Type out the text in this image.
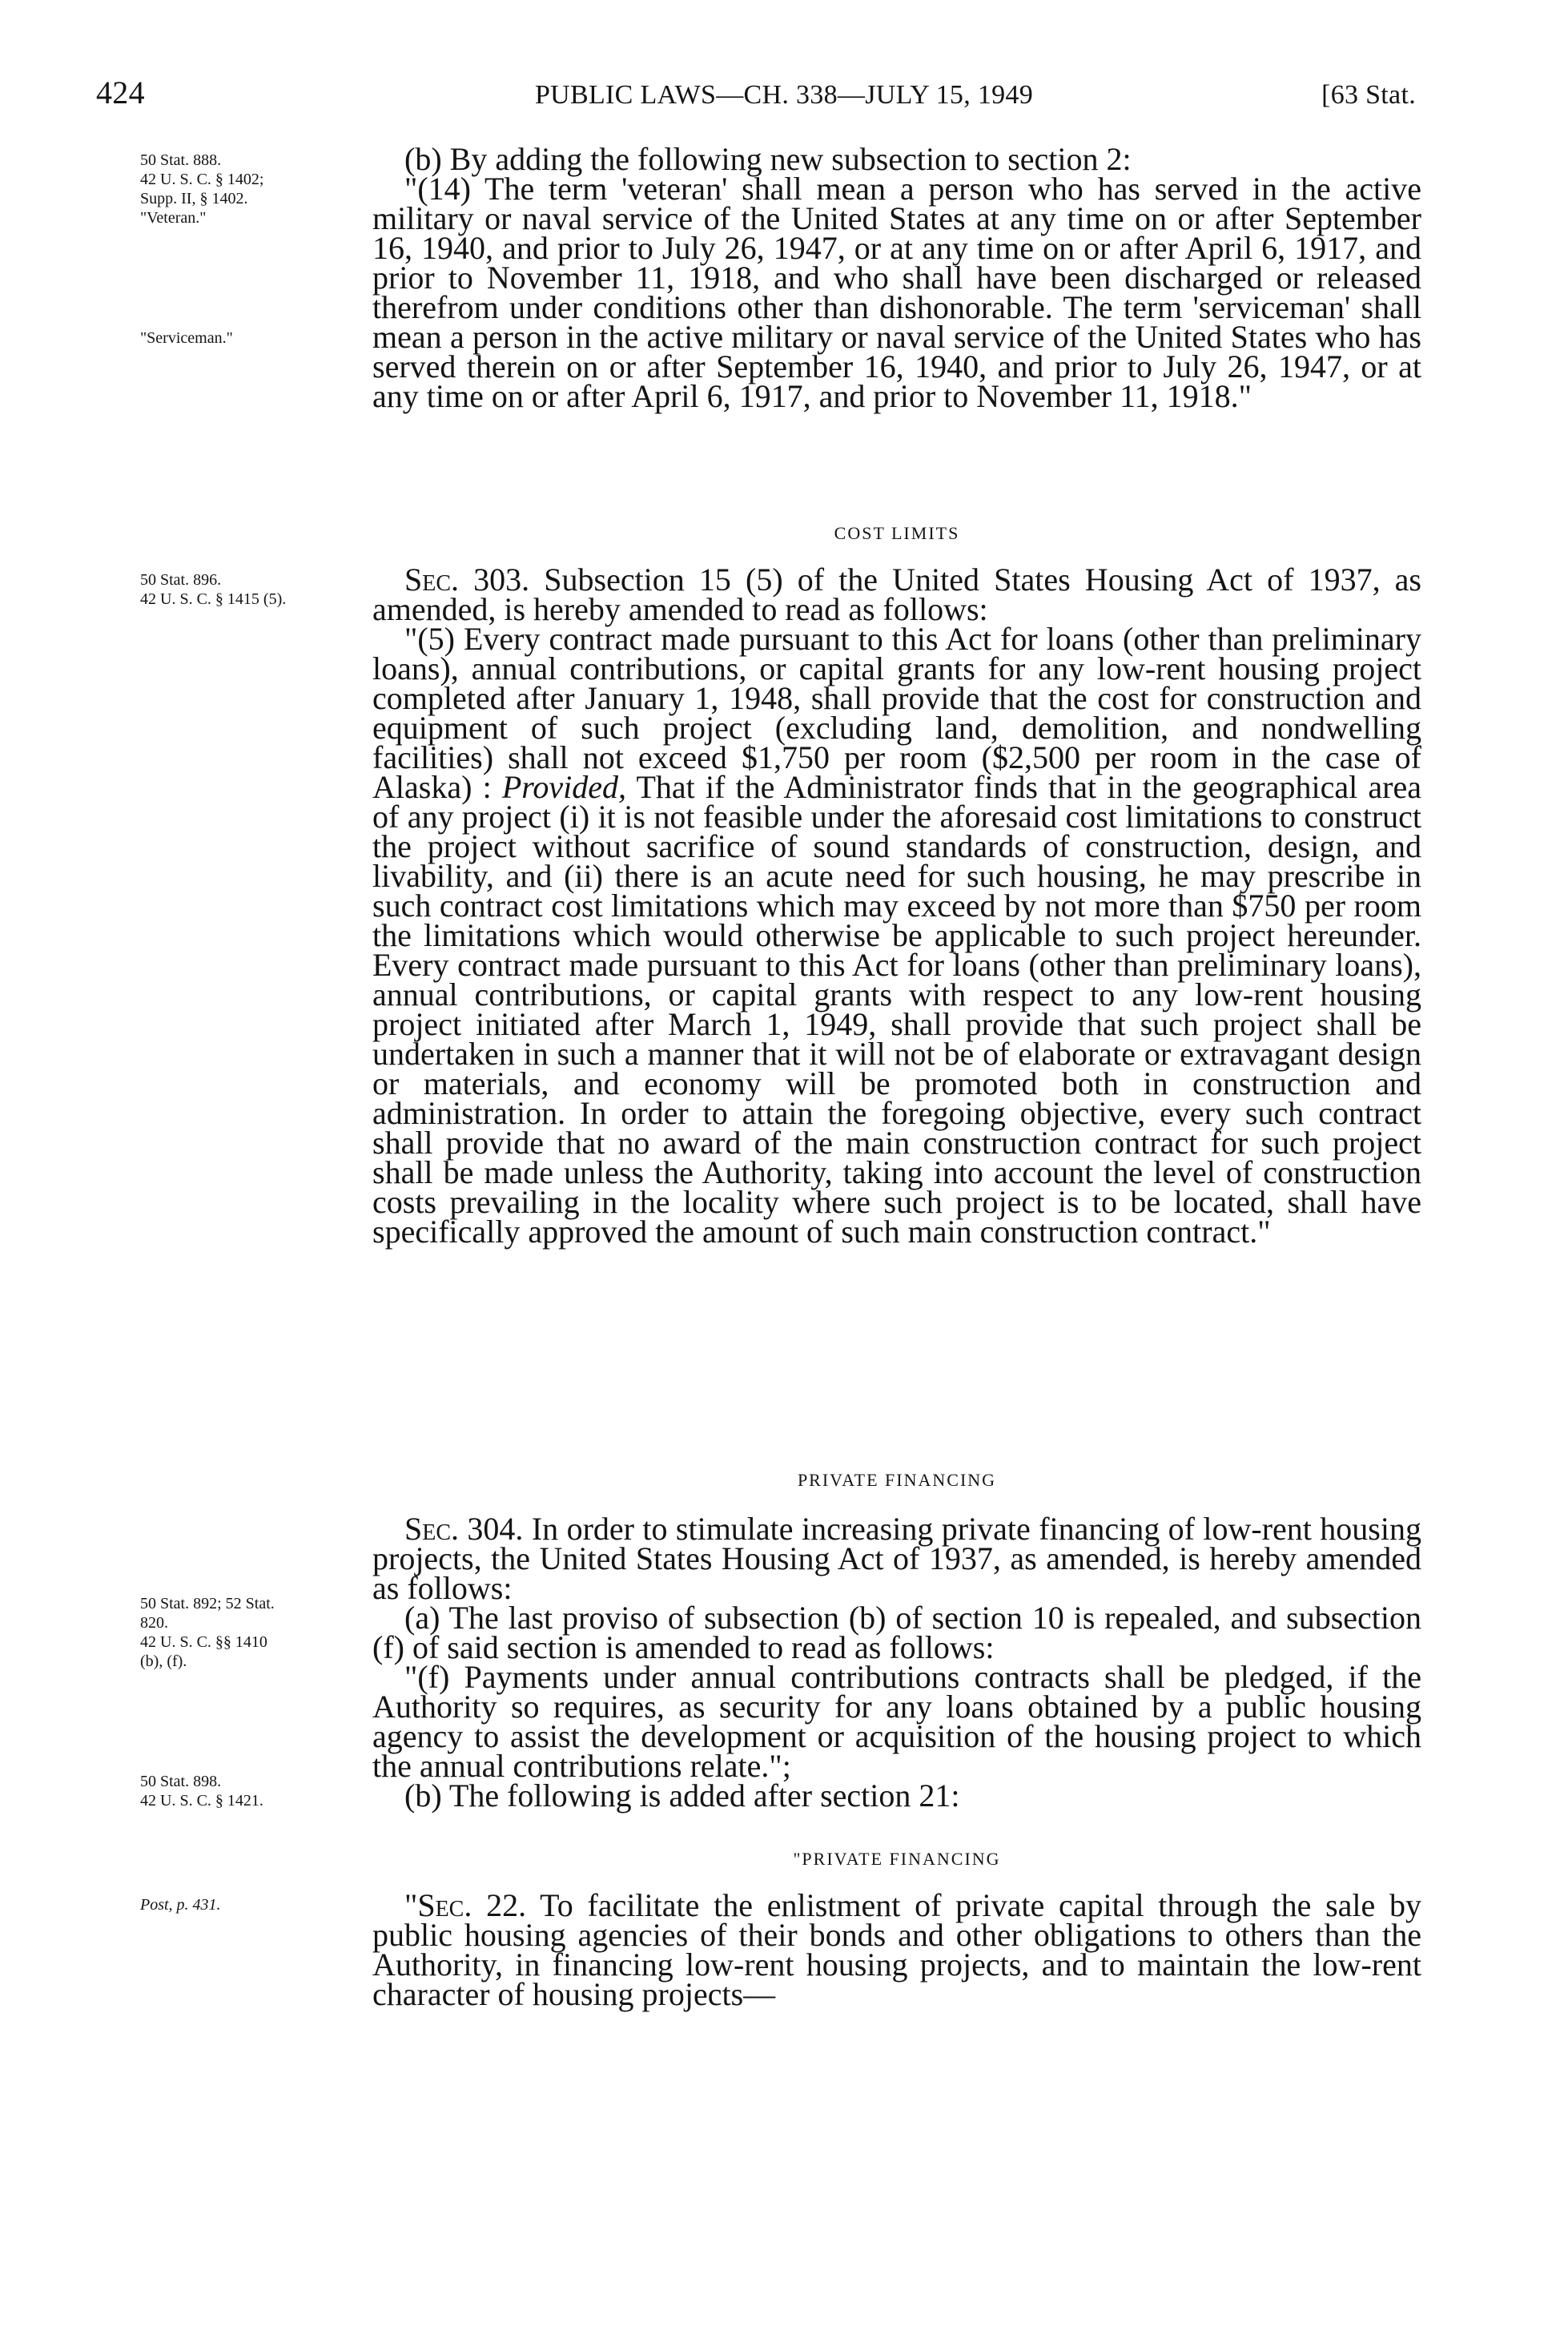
424	PUBLIC LAWS—CH. 338—JULY 15, 1949	[63 Stat.
50 Stat. 888.
42 U. S. C. § 1402;
Supp. II, § 1402.
"Veteran."
"Serviceman."
50 Stat. 896.
42 U. S. C. § 1415 (5).
50 Stat. 892; 52 Stat.
820.
42 U. S. C. §§ 1410
(b), (f).
50 Stat. 898.
42 U. S. C. § 1421.
Post, p. 431.

(b) By adding the following new subsection to section 2:

"(14) The term 'veteran' shall mean a person who has served in the active military or naval service of the United States at any time on or after September 16, 1940, and prior to July 26, 1947, or at any time on or after April 6, 1917, and prior to November 11, 1918, and who shall have been discharged or released therefrom under conditions other than dishonorable. The term 'serviceman' shall mean a person in the active military or naval service of the United States who has served therein on or after September 16, 1940, and prior to July 26, 1947, or at any time on or after April 6, 1917, and prior to November 11, 1918."

COST LIMITS

Sec. 303. Subsection 15 (5) of the United States Housing Act of 1937, as amended, is hereby amended to read as follows:

"(5) Every contract made pursuant to this Act for loans (other than preliminary loans), annual contributions, or capital grants for any low-rent housing project completed after January 1, 1948, shall provide that the cost for construction and equipment of such project (excluding land, demolition, and nondwelling facilities) shall not exceed $1,750 per room ($2,500 per room in the case of Alaska) : Provided, That if the Administrator finds that in the geographical area of any project (i) it is not feasible under the aforesaid cost limitations to construct the project without sacrifice of sound standards of construction, design, and livability, and (ii) there is an acute need for such housing, he may prescribe in such contract cost limitations which may exceed by not more than $750 per room the limitations which would otherwise be applicable to such project hereunder. Every contract made pursuant to this Act for loans (other than preliminary loans), annual contributions, or capital grants with respect to any low-rent housing project initiated after March 1, 1949, shall provide that such project shall be undertaken in such a manner that it will not be of elaborate or extravagant design or materials, and economy will be promoted both in construction and administration. In order to attain the foregoing objective, every such contract shall provide that no award of the main construction contract for such project shall be made unless the Authority, taking into account the level of construction costs prevailing in the locality where such project is to be located, shall have specifically approved the amount of such main construction contract."

PRIVATE FINANCING

Sec. 304. In order to stimulate increasing private financing of low-rent housing projects, the United States Housing Act of 1937, as amended, is hereby amended as follows:

(a) The last proviso of subsection (b) of section 10 is repealed, and subsection (f) of said section is amended to read as follows:

"(f) Payments under annual contributions contracts shall be pledged, if the Authority so requires, as security for any loans obtained by a public housing agency to assist the development or acquisition of the housing project to which the annual contributions relate.";

(b) The following is added after section 21:

"PRIVATE FINANCING

"Sec. 22. To facilitate the enlistment of private capital through the sale by public housing agencies of their bonds and other obligations to others than the Authority, in financing low-rent housing projects, and to maintain the low-rent character of housing projects—
